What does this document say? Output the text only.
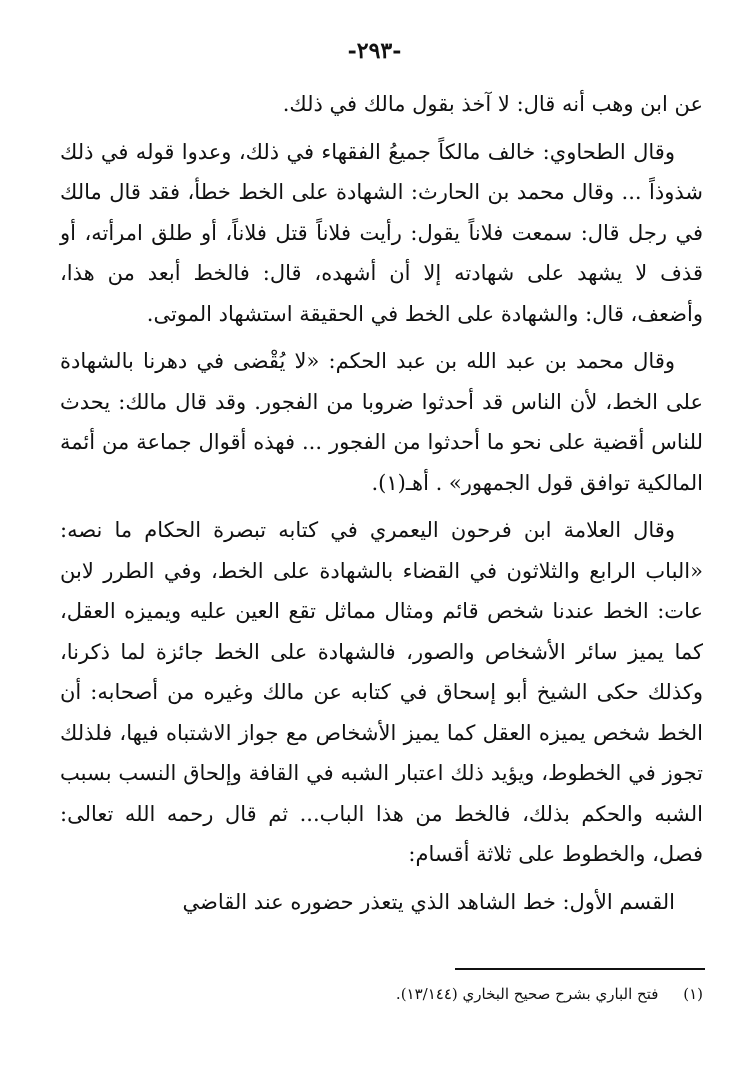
-٢٩٣-

عن ابن وهب أنه قال: لا آخذ بقول مالك في ذلك.

وقال الطحاوي: خالف مالكاً جميعُ الفقهاء في ذلك، وعدوا قوله في ذلك شذوذاً ... وقال محمد بن الحارث: الشهادة على الخط خطأ، فقد قال مالك في رجل قال: سمعت فلاناً يقول: رأيت فلاناً قتل فلاناً، أو طلق امرأته، أو قذف لا يشهد على شهادته إلا أن أشهده، قال: فالخط أبعد من هذا، وأضعف، قال: والشهادة على الخط في الحقيقة استشهاد الموتى.

وقال محمد بن عبد الله بن عبد الحكم: «لا يُقْضى في دهرنا بالشهادة على الخط، لأن الناس قد أحدثوا ضروبا من الفجور. وقد قال مالك: يحدث للناس أقضية على نحو ما أحدثوا من الفجور ... فهذه أقوال جماعة من أئمة المالكية توافق قول الجمهور» . أهـ(١).

وقال العلامة ابن فرحون اليعمري في كتابه تبصرة الحكام ما نصه: «الباب الرابع والثلاثون في القضاء بالشهادة على الخط، وفي الطرر لابن عات: الخط عندنا شخص قائم ومثال مماثل تقع العين عليه ويميزه العقل، كما يميز سائر الأشخاص والصور، فالشهادة على الخط جائزة لما ذكرنا، وكذلك حكى الشيخ أبو إسحاق في كتابه عن مالك وغيره من أصحابه: أن الخط شخص يميزه العقل كما يميز الأشخاص مع جواز الاشتباه فيها، فلذلك تجوز في الخطوط، ويؤيد ذلك اعتبار الشبه في القافة وإلحاق النسب بسبب الشبه والحكم بذلك، فالخط من هذا الباب... ثم قال رحمه الله تعالى: فصل، والخطوط على ثلاثة أقسام:

القسم الأول: خط الشاهد الذي يتعذر حضوره عند القاضي

(١) فتح الباري بشرح صحيح البخاري (١٣/١٤٤).
